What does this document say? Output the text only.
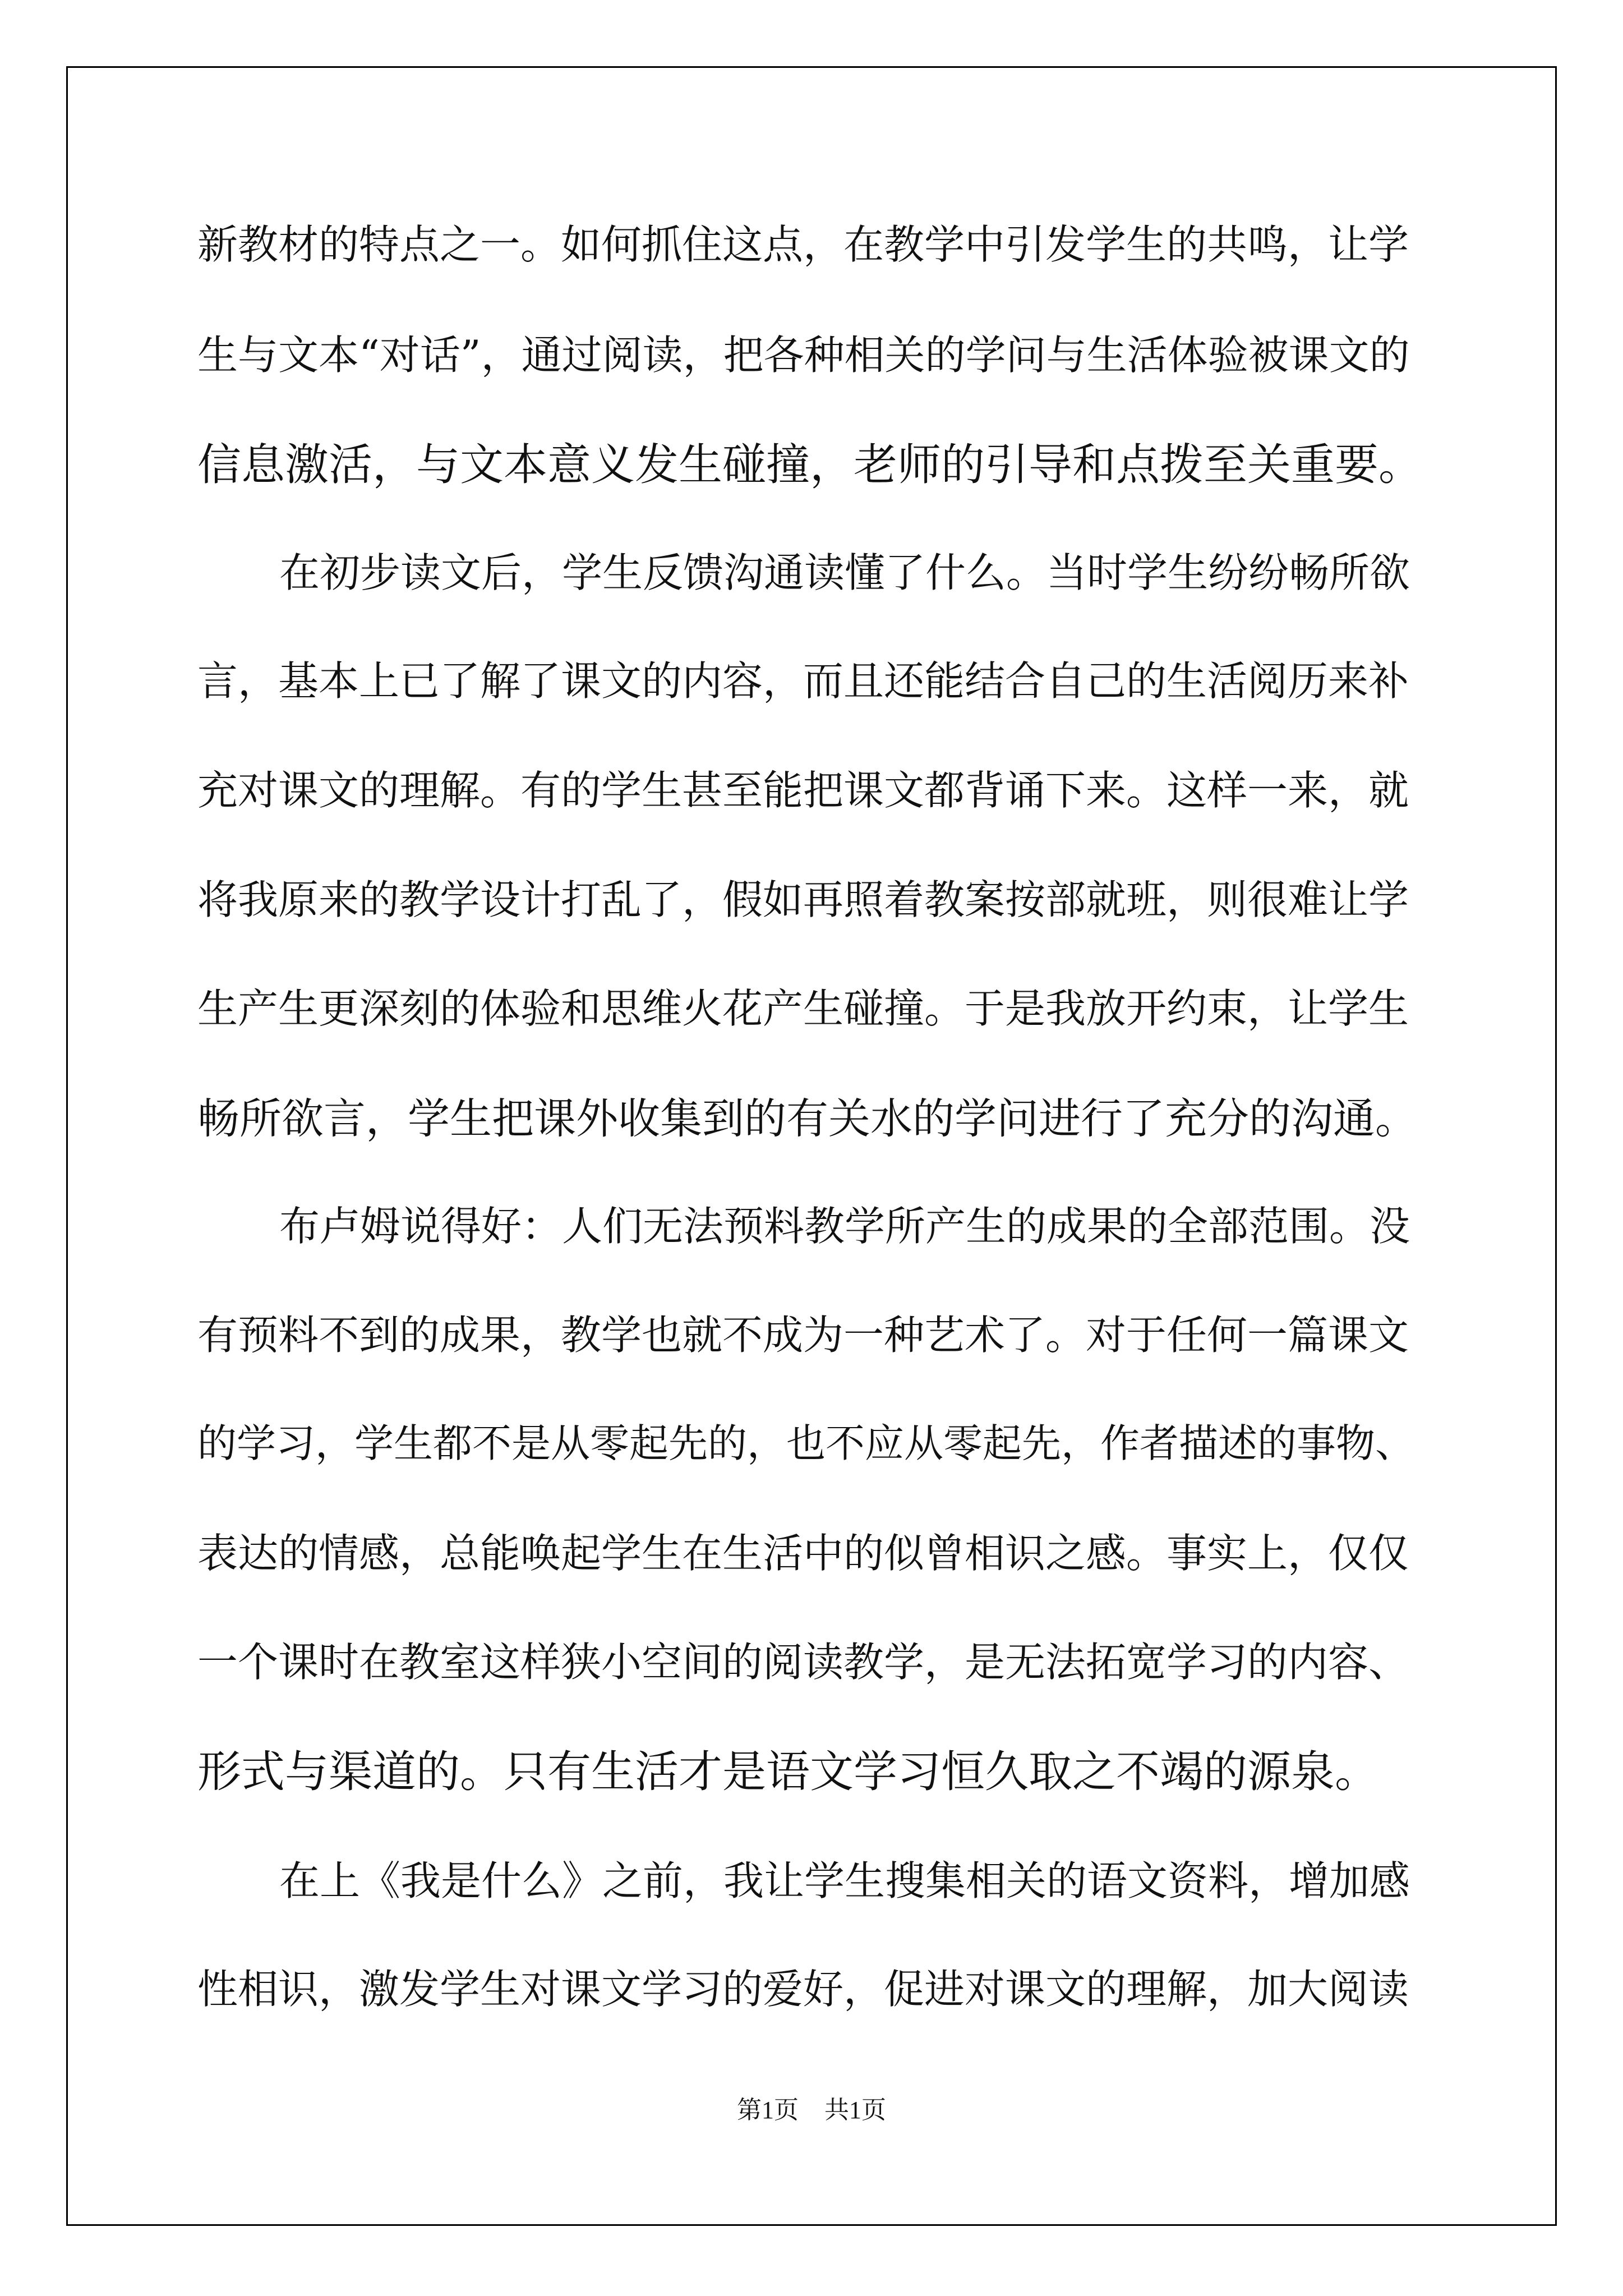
新教材的特点之一。如何抓住这点，在教学中引发学生的共鸣，让学

生与文本“对话”，通过阅读，把各种相关的学问与生活体验被课文的

信息激活，与文本意义发生碰撞，老师的引导和点拨至关重要。

在初步读文后，学生反馈沟通读懂了什么。当时学生纷纷畅所欲

言，基本上已了解了课文的内容，而且还能结合自己的生活阅历来补

充对课文的理解。有的学生甚至能把课文都背诵下来。这样一来，就

将我原来的教学设计打乱了，假如再照着教案按部就班，则很难让学

生产生更深刻的体验和思维火花产生碰撞。于是我放开约束，让学生

畅所欲言，学生把课外收集到的有关水的学问进行了充分的沟通。

布卢姆说得好：人们无法预料教学所产生的成果的全部范围。没

有预料不到的成果，教学也就不成为一种艺术了。对于任何一篇课文

的学习，学生都不是从零起先的，也不应从零起先，作者描述的事物、

表达的情感，总能唤起学生在生活中的似曾相识之感。事实上，仅仅

一个课时在教室这样狭小空间的阅读教学，是无法拓宽学习的内容、

形式与渠道的。只有生活才是语文学习恒久取之不竭的源泉。

在上《我是什么》之前，我让学生搜集相关的语文资料，增加感

性相识，激发学生对课文学习的爱好，促进对课文的理解，加大阅读

第1页 共1页
